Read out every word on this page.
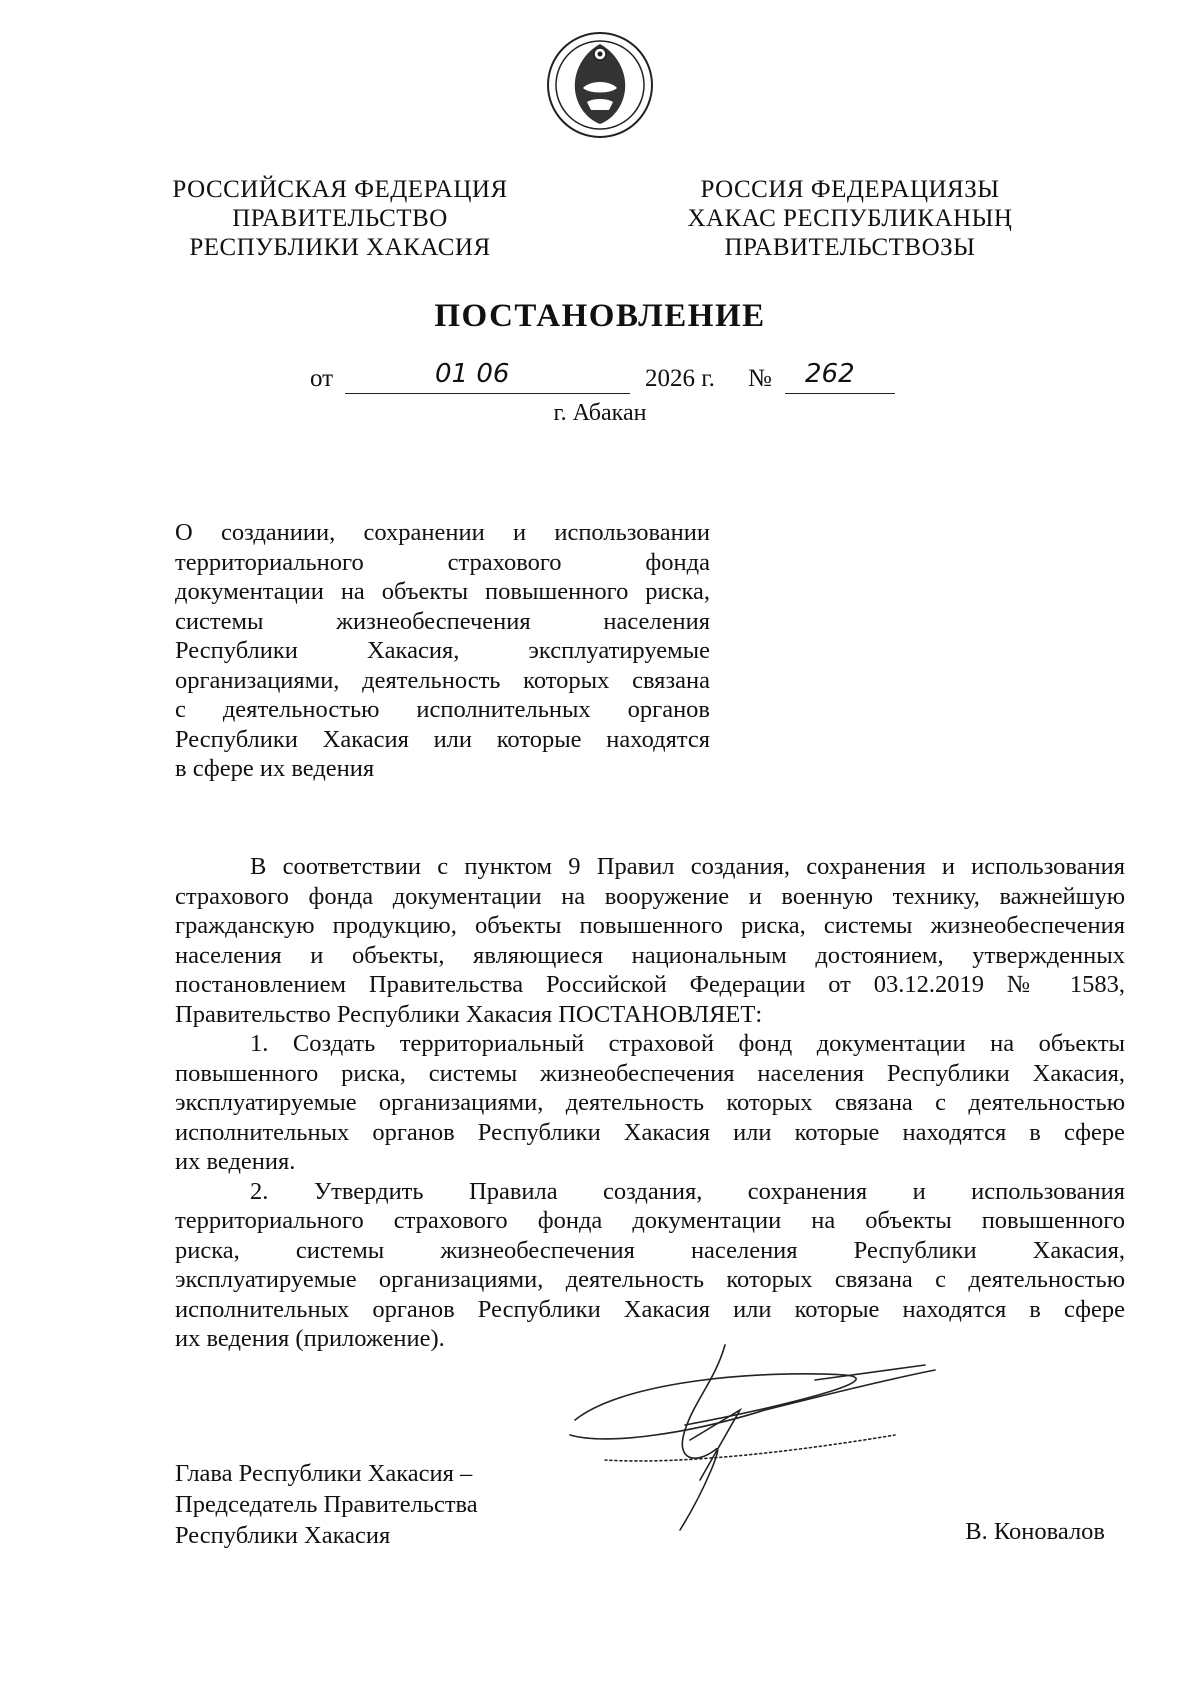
РОССИЙСКАЯ ФЕДЕРАЦИЯ
ПРАВИТЕЛЬСТВО
РЕСПУБЛИКИ ХАКАСИЯ
РОССИЯ ФЕДЕРАЦИЯЗЫ
ХАКАС РЕСПУБЛИКАНЫҢ
ПРАВИТЕЛЬСТВОЗЫ
ПОСТАНОВЛЕНИЕ
от	01 06	2026 г. № 262
г. Абакан
О созданиии, сохранении и использовании
территориального страхового фонда
документации на объекты повышенного риска,
системы жизнеобеспечения населения
Республики Хакасия, эксплуатируемые
организациями, деятельность которых связана
с деятельностью исполнительных органов
Республики Хакасия или которые находятся
в сфере их ведения
В соответствии с пунктом 9 Правил создания, сохранения и использования
страхового фонда документации на вооружение и военную технику, важнейшую
гражданскую продукцию, объекты повышенного риска, системы жизнеобеспечения
населения и объекты, являющиеся национальным достоянием, утвержденных
постановлением Правительства Российской Федерации от 03.12.2019 № 1583,
Правительство Республики Хакасия ПОСТАНОВЛЯЕТ:
1. Создать территориальный страховой фонд документации на объекты
повышенного риска, системы жизнеобеспечения населения Республики Хакасия,
эксплуатируемые организациями, деятельность которых связана с деятельностью
исполнительных органов Республики Хакасия или которые находятся в сфере
их ведения.
2. Утвердить Правила создания, сохранения и использования
территориального страхового фонда документации на объекты повышенного
риска, системы жизнеобеспечения населения Республики Хакасия,
эксплуатируемые организациями, деятельность которых связана с деятельностью
исполнительных органов Республики Хакасия или которые находятся в сфере
их ведения (приложение).
Глава Республики Хакасия –
Председатель Правительства
Республики Хакасия	В. Коновалов
